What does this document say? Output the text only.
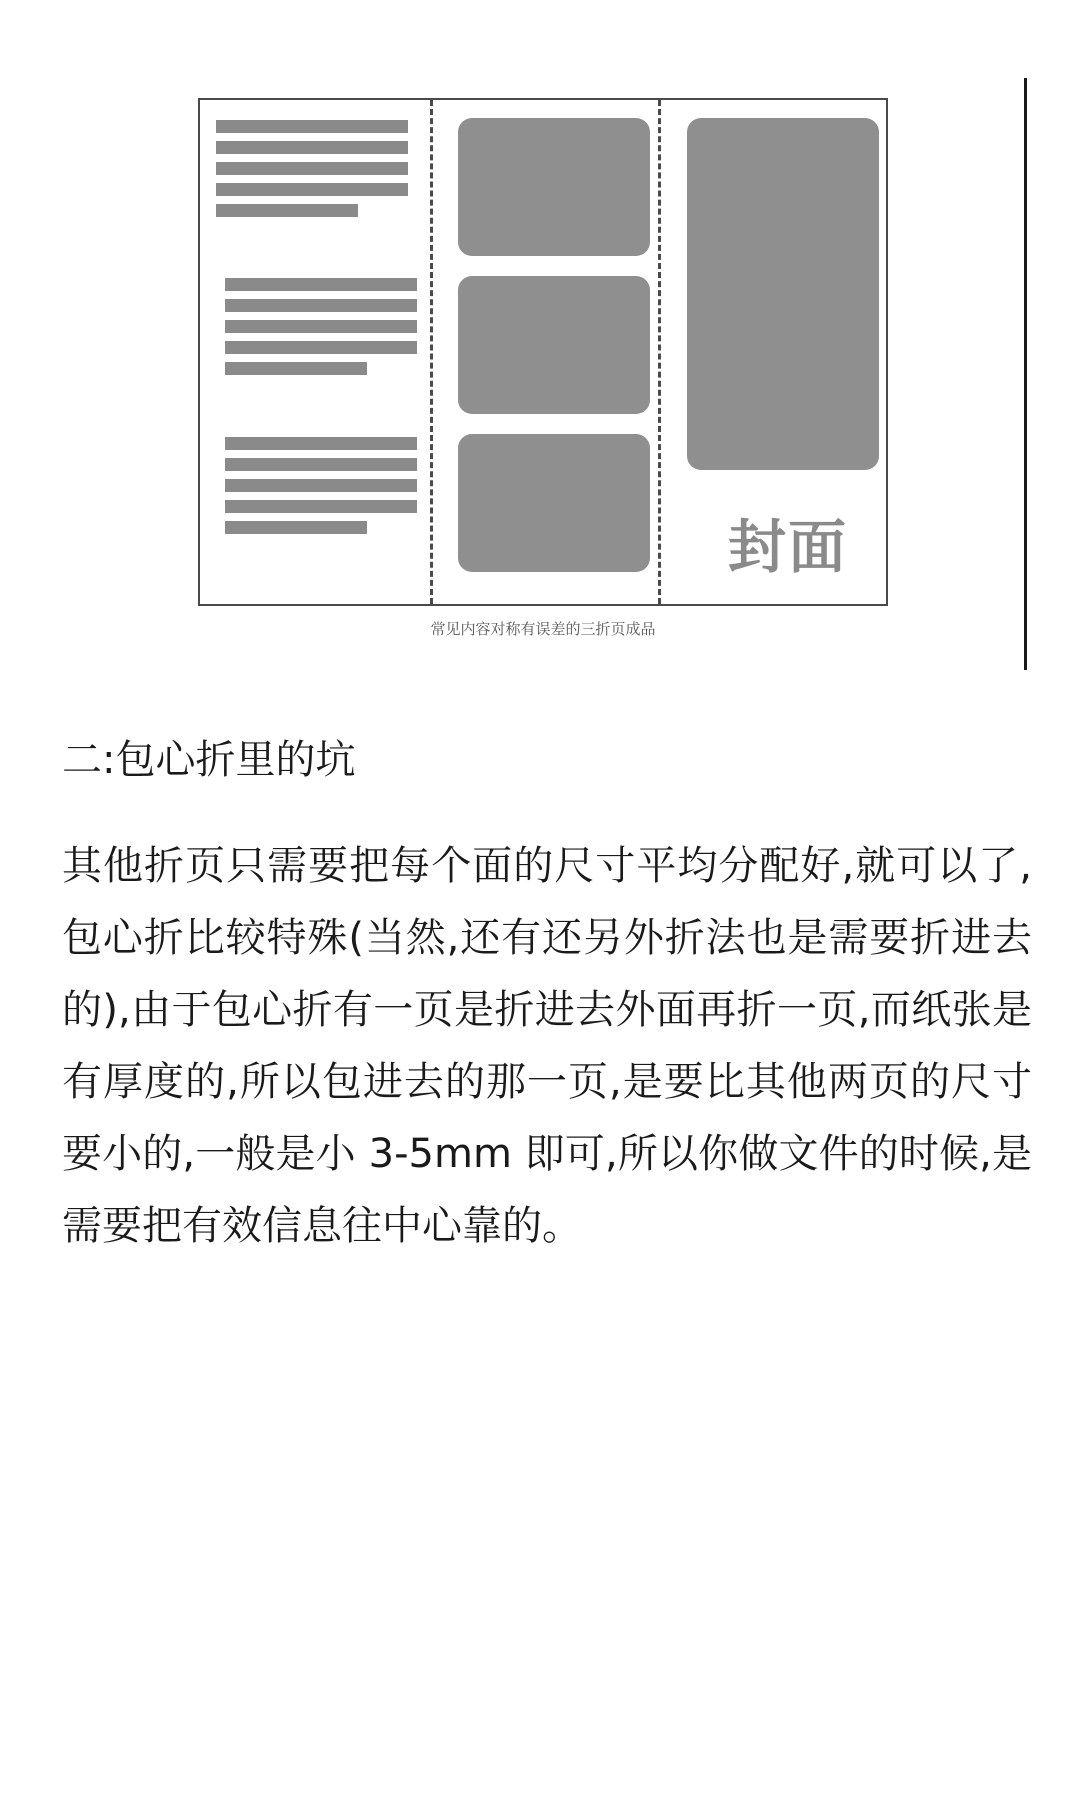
封面
常见内容对称有误差的三折页成品
二:包心折里的坑
其他折页只需要把每个面的尺寸平均分配好,就可以了,包心折比较特殊(当然,还有还另外折法也是需要折进去的),由于包心折有一页是折进去外面再折一页,而纸张是有厚度的,所以包进去的那一页,是要比其他两页的尺寸要小的,一般是小 3-5mm 即可,所以你做文件的时候,是需要把有效信息往中心靠的。
